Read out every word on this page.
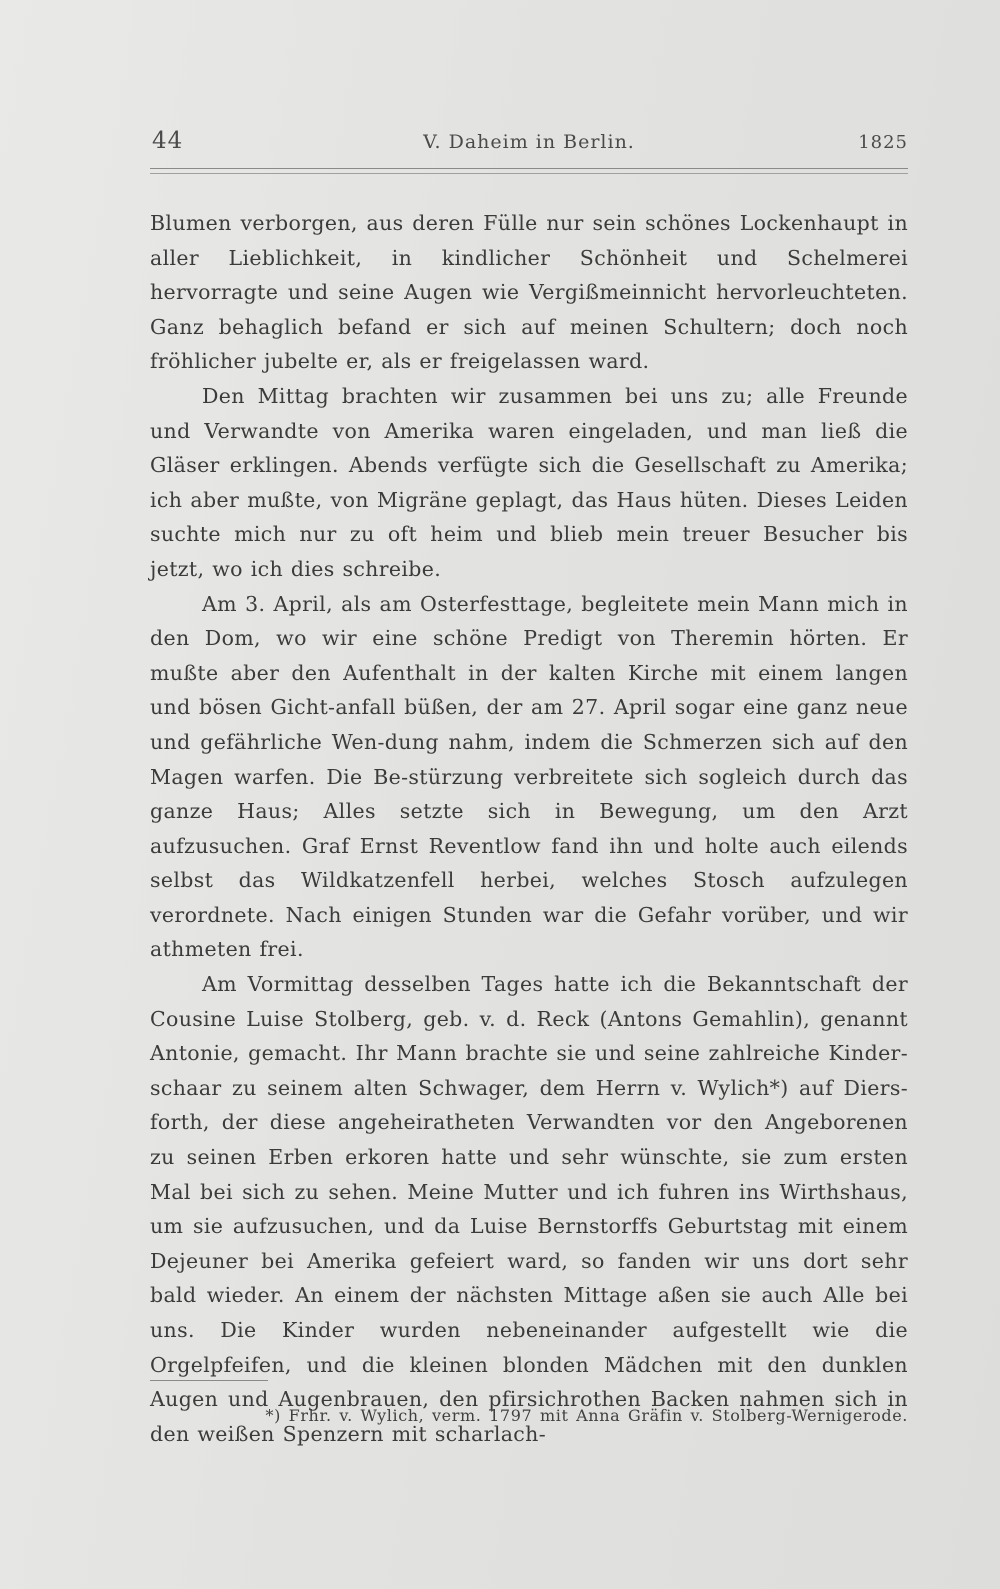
44	V. Daheim in Berlin.	1825

Blumen verborgen, aus deren Fülle nur sein schönes Lockenhaupt in aller Lieblichkeit, in kindlicher Schönheit und Schelmerei hervorragte und seine Augen wie Vergißmeinnicht hervorleuchteten. Ganz behaglich befand er sich auf meinen Schultern; doch noch fröhlicher jubelte er, als er freigelassen ward.

Den Mittag brachten wir zusammen bei uns zu; alle Freunde und Verwandte von Amerika waren eingeladen, und man ließ die Gläser erklingen. Abends verfügte sich die Gesellschaft zu Amerika; ich aber mußte, von Migräne geplagt, das Haus hüten. Dieses Leiden suchte mich nur zu oft heim und blieb mein treuer Besucher bis jetzt, wo ich dies schreibe.

Am 3. April, als am Osterfesttage, begleitete mein Mann mich in den Dom, wo wir eine schöne Predigt von Theremin hörten. Er mußte aber den Aufenthalt in der kalten Kirche mit einem langen und bösen Gicht-anfall büßen, der am 27. April sogar eine ganz neue und gefährliche Wen-dung nahm, indem die Schmerzen sich auf den Magen warfen. Die Be-stürzung verbreitete sich sogleich durch das ganze Haus; Alles setzte sich in Bewegung, um den Arzt aufzusuchen. Graf Ernst Reventlow fand ihn und holte auch eilends selbst das Wildkatzenfell herbei, welches Stosch aufzulegen verordnete. Nach einigen Stunden war die Gefahr vorüber, und wir athmeten frei.

Am Vormittag desselben Tages hatte ich die Bekanntschaft der Cousine Luise Stolberg, geb. v. d. Reck (Antons Gemahlin), genannt Antonie, gemacht. Ihr Mann brachte sie und seine zahlreiche Kinder-schaar zu seinem alten Schwager, dem Herrn v. Wylich*) auf Diers-forth, der diese angeheiratheten Verwandten vor den Angeborenen zu seinen Erben erkoren hatte und sehr wünschte, sie zum ersten Mal bei sich zu sehen. Meine Mutter und ich fuhren ins Wirthshaus, um sie aufzusuchen, und da Luise Bernstorffs Geburtstag mit einem Dejeuner bei Amerika gefeiert ward, so fanden wir uns dort sehr bald wieder. An einem der nächsten Mittage aßen sie auch Alle bei uns. Die Kinder wurden nebeneinander aufgestellt wie die Orgelpfeifen, und die kleinen blonden Mädchen mit den dunklen Augen und Augenbrauen, den pfirsichrothen Backen nahmen sich in den weißen Spenzern mit scharlach-

*) Frhr. v. Wylich, verm. 1797 mit Anna Gräfin v. Stolberg-Wernigerode.
